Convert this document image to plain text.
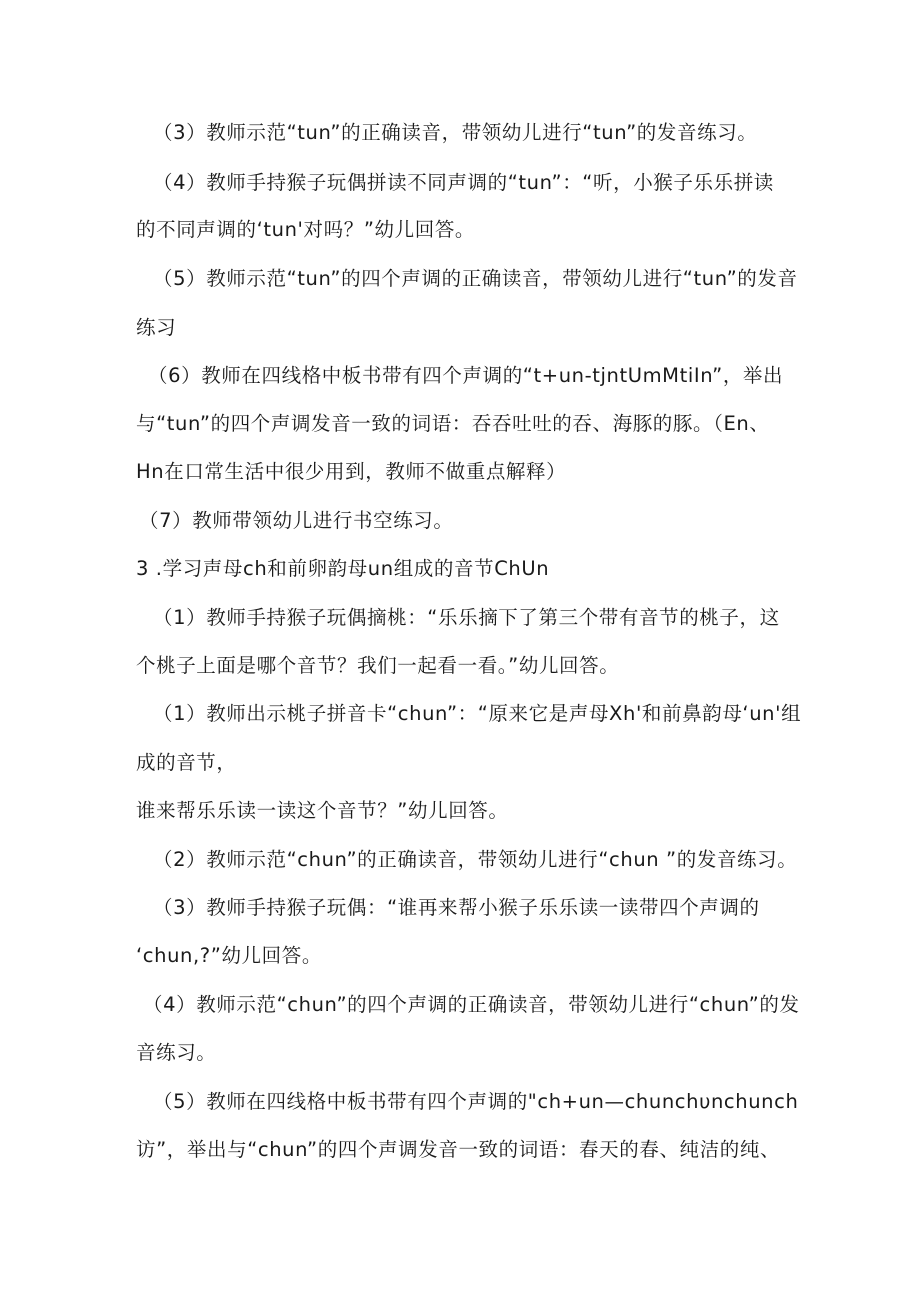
（3）教师示范“tun”的正确读音，带领幼儿进行“tun”的发音练习。
（4）教师手持猴子玩偶拼读不同声调的“tun”：“听，小猴子乐乐拼读
的不同声调的‘tun'对吗？”幼儿回答。
（5）教师示范“tun”的四个声调的正确读音，带领幼儿进行“tun”的发音
练习
（6）教师在四线格中板书带有四个声调的“t+un-tjntUmMtiIn”，举出
与“tun”的四个声调发音一致的词语：吞吞吐吐的吞、海豚的豚。（En、
Hn在口常生活中很少用到，教师不做重点解释）
（7）教师带领幼儿进行书空练习。
3 .学习声母ch和前卵韵母un组成的音节ChUn
（1）教师手持猴子玩偶摘桃：“乐乐摘下了第三个带有音节的桃子，这
个桃子上面是哪个音节？我们一起看一看。”幼儿回答。
（1）教师出示桃子拼音卡“chun”：“原来它是声母Xh'和前鼻韵母‘un'组
成的音节，
谁来帮乐乐读一读这个音节？”幼儿回答。
（2）教师示范“chun”的正确读音，带领幼儿进行“chun ”的发音练习。
（3）教师手持猴子玩偶：“谁再来帮小猴子乐乐读一读带四个声调的
‘chun,?”幼儿回答。
（4）教师示范“chun”的四个声调的正确读音，带领幼儿进行“chun”的发
音练习。
（5）教师在四线格中板书带有四个声调的"ch+un—chunchυnchunch
访”，举出与“chun”的四个声调发音一致的词语：春天的春、纯洁的纯、
